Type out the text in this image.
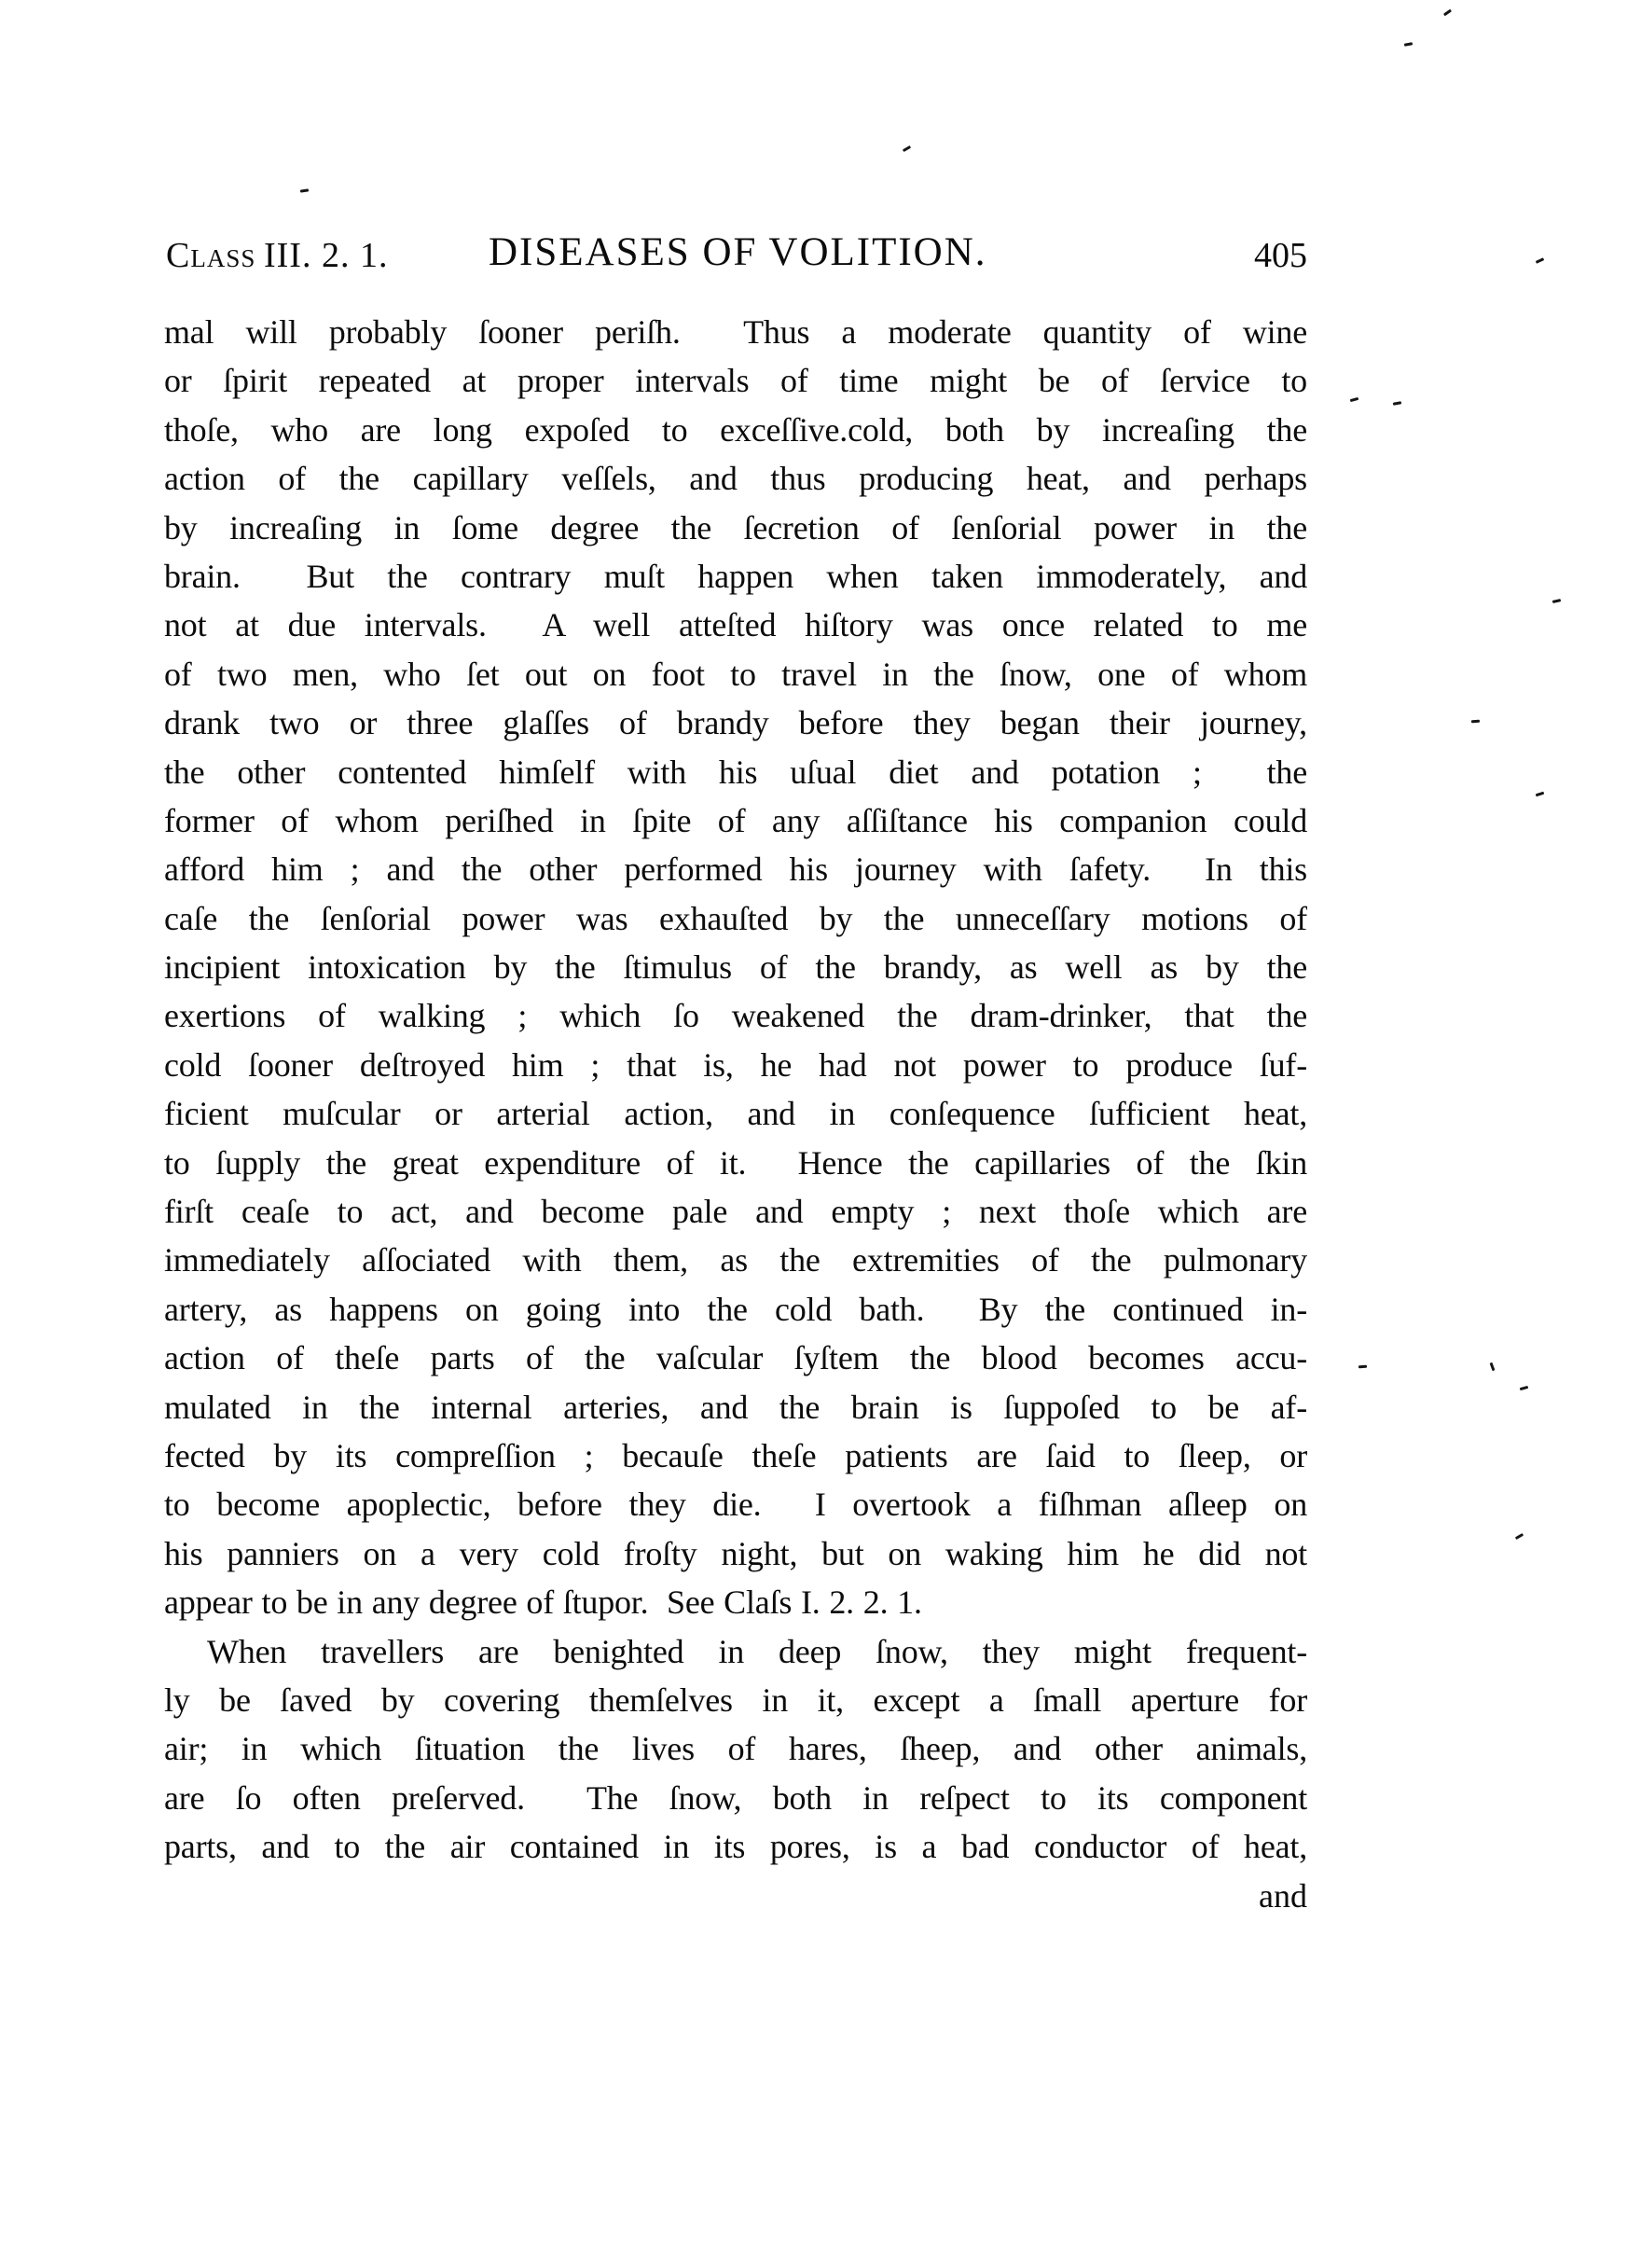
Class  III. 2. 1.	DISEASES OF VOLITION.	405
mal will probably ſooner periſh.  Thus a moderate quantity of wine
or ſpirit repeated at proper intervals of time might be of ſervice to
thoſe, who are long expoſed to exceſſive.cold, both by increaſing the
action of the capillary veſſels, and thus producing heat, and perhaps
by increaſing in ſome degree the ſecretion of ſenſorial power in the
brain.  But the contrary muſt happen when taken immoderately, and
not at due intervals.  A well atteſted hiſtory was once related to me
of two men, who ſet out on foot to travel in the ſnow, one of whom
drank two or three glaſſes of brandy before they began their journey,
the other contented himſelf with his uſual diet and potation ;  the
former of whom periſhed in ſpite of any aſſiſtance his companion could
afford him ; and the other performed his journey with ſafety.  In this
caſe the ſenſorial power was exhauſted by the unneceſſary motions of
incipient intoxication by the ſtimulus of the brandy, as well as by the
exertions of walking ; which ſo weakened the dram-drinker, that the
cold ſooner deſtroyed him ; that is, he had not power to produce ſuf-
ficient muſcular or arterial action, and in conſequence ſufficient heat,
to ſupply the great expenditure of it.  Hence the capillaries of the ſkin
firſt ceaſe to act, and become pale and empty ; next thoſe which are
immediately aſſociated with them, as the extremities of the pulmonary
artery, as happens on going into the cold bath.  By the continued in-
action of theſe parts of the vaſcular ſyſtem the blood becomes accu-
mulated in the internal arteries, and the brain is ſuppoſed to be af-
fected by its compreſſion ; becauſe theſe patients are ſaid to ſleep, or
to become apoplectic, before they die.  I overtook a fiſhman aſleep on
his panniers on a very cold froſty night, but on waking him he did not
appear to be in any degree of ſtupor.  See Claſs I. 2. 2. 1.
When travellers are benighted in deep ſnow, they might frequent-
ly be ſaved by covering themſelves in it, except a ſmall aperture for
air; in which ſituation the lives of hares, ſheep, and other animals,
are ſo often preſerved.  The ſnow, both in reſpect to its component
parts, and to the air contained in its pores, is a bad conductor of heat,
and
